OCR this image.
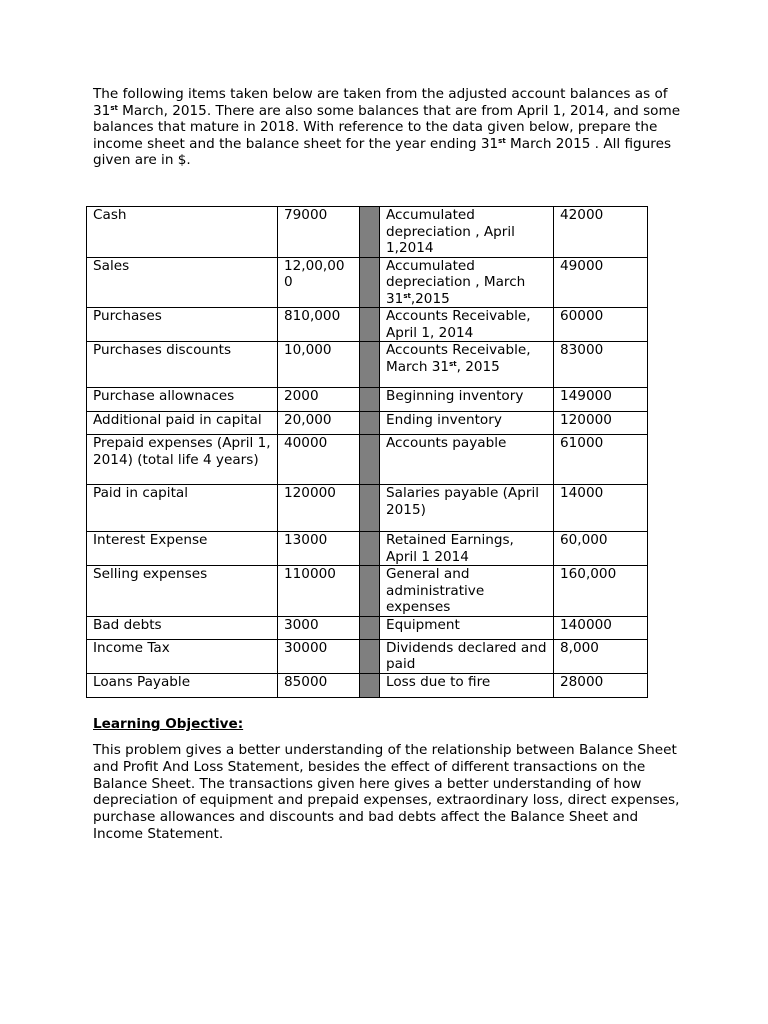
The following items taken below are taken from the adjusted account balances as of 31st March, 2015. There are also some balances that are from April 1, 2014, and some balances that mature in 2018. With reference to the data given below, prepare the income sheet and the balance sheet for the year ending 31st March 2015 . All figures given are in $.

Cash	79000		Accumulated depreciation , April 1,2014	42000
Sales	12,00,000		Accumulated depreciation , March 31st,2015	49000
Purchases	810,000		Accounts Receivable, April 1, 2014	60000
Purchases discounts	10,000		Accounts Receivable, March 31st, 2015	83000
Purchase allownaces	2000		Beginning inventory	149000
Additional paid in capital	20,000		Ending inventory	120000
Prepaid expenses (April 1, 2014) (total life 4 years)	40000		Accounts payable	61000
Paid in capital	120000		Salaries payable (April 2015)	14000
Interest Expense	13000		Retained Earnings, April 1 2014	60,000
Selling expenses	110000		General and administrative expenses	160,000
Bad debts	3000		Equipment	140000
Income Tax	30000		Dividends declared and paid	8,000
Loans Payable	85000		Loss due to fire	28000

Learning Objective:

This problem gives a better understanding of the relationship between Balance Sheet and Profit And Loss Statement, besides the effect of different transactions on the Balance Sheet. The transactions given here gives a better understanding of how depreciation of equipment and prepaid expenses, extraordinary loss, direct expenses, purchase allowances and discounts and bad debts affect the Balance Sheet and Income Statement.
